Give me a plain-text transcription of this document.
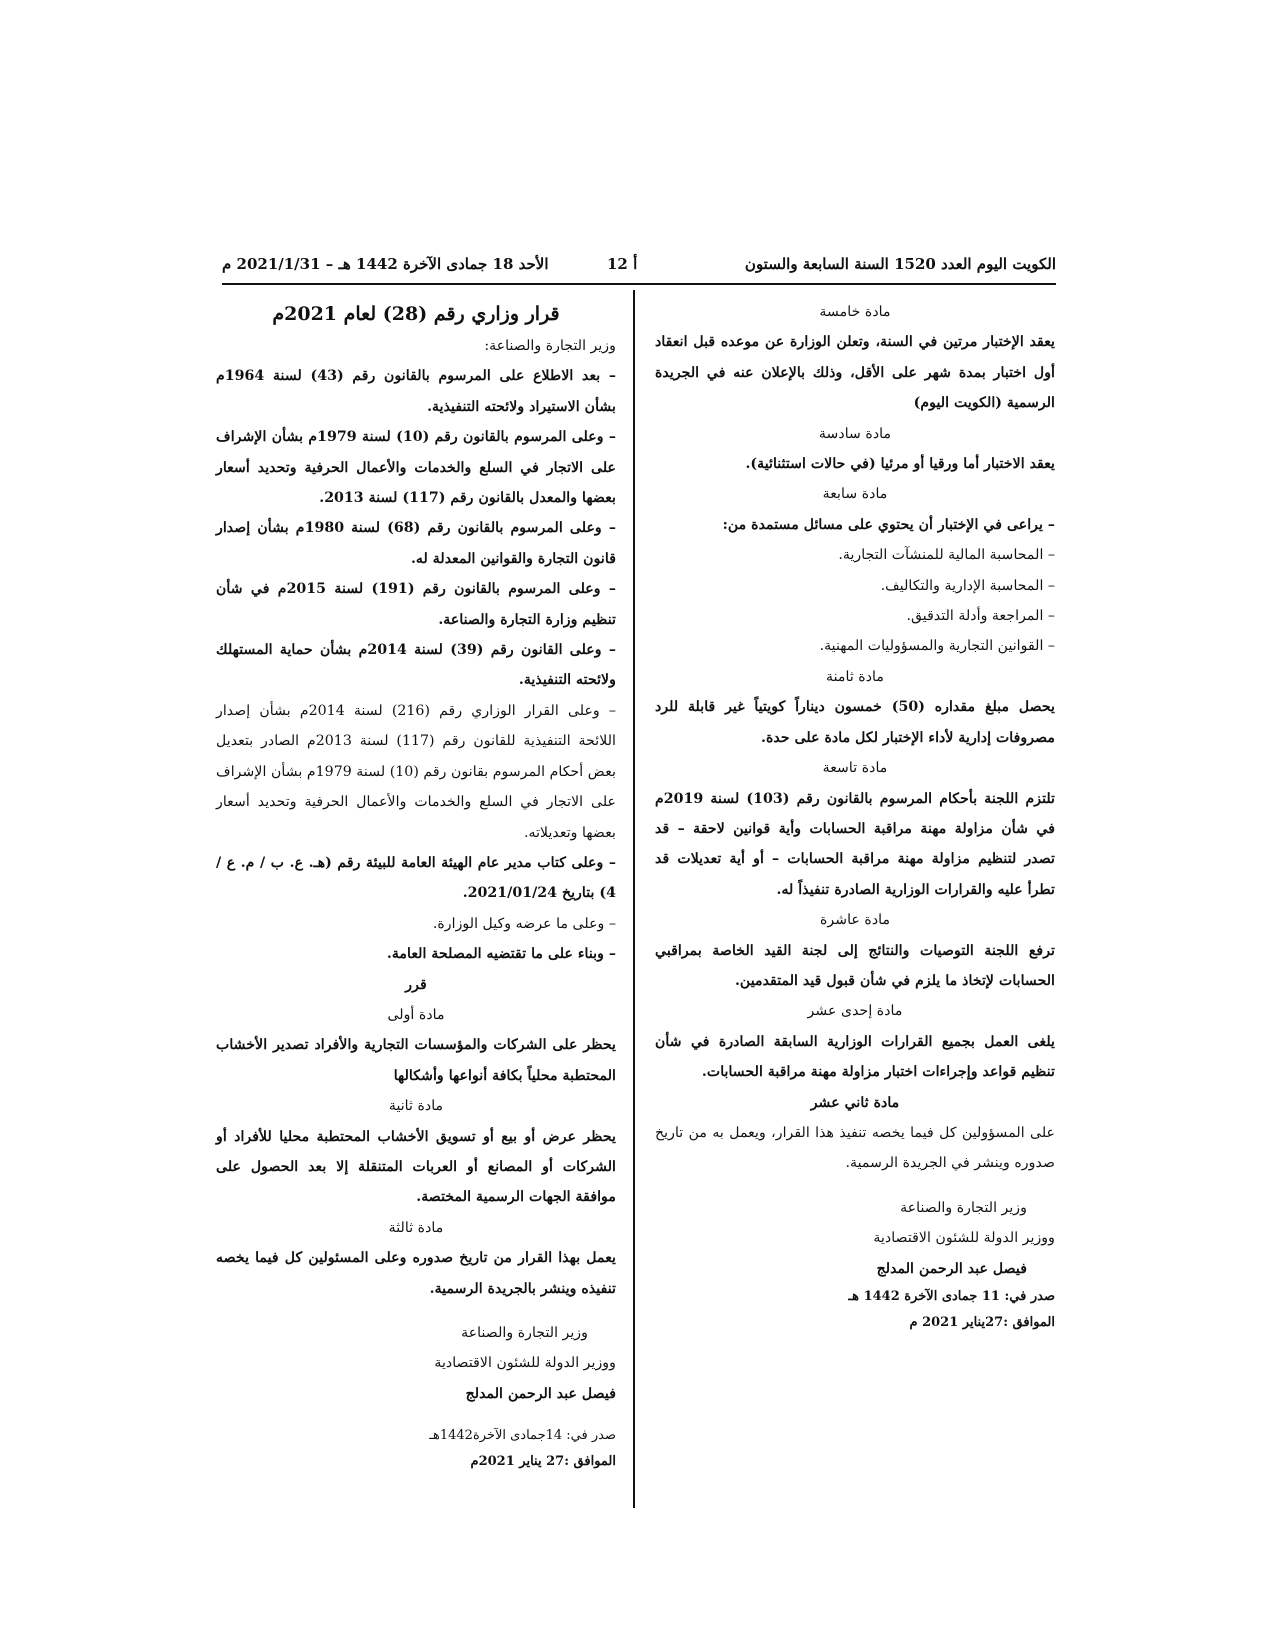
الكويت اليوم العدد 1520 السنة السابعة والستون
أ 12
الأحد 18 جمادى الآخرة 1442 هـ – 2021/1/31 م

مادة خامسة

يعقد الإختبار مرتين في السنة، وتعلن الوزارة عن موعده قبل انعقاد أول اختبار بمدة شهر على الأقل، وذلك بالإعلان عنه في الجريدة الرسمية (الكويت اليوم)

مادة سادسة

يعقد الاختبار أما ورقيا أو مرئيا (في حالات استثنائية).

مادة سابعة

– يراعى في الإختبار أن يحتوي على مسائل مستمدة من:

– المحاسبة المالية للمنشآت التجارية.

– المحاسبة الإدارية والتكاليف.

– المراجعة وأدلة التدقيق.

– القوانين التجارية والمسؤوليات المهنية.

مادة ثامنة

يحصل مبلغ مقداره (50) خمسون ديناراً كويتياً غير قابلة للرد مصروفات إدارية لأداء الإختبار لكل مادة على حدة.

مادة تاسعة

تلتزم اللجنة بأحكام المرسوم بالقانون رقم (103) لسنة 2019م في شأن مزاولة مهنة مراقبة الحسابات وأية قوانين لاحقة – قد تصدر لتنظيم مزاولة مهنة مراقبة الحسابات – أو أية تعديلات قد تطرأ عليه والقرارات الوزارية الصادرة تنفيذاً له.

مادة عاشرة

ترفع اللجنة التوصيات والنتائج إلى لجنة القيد الخاصة بمراقبي الحسابات لإتخاذ ما يلزم في شأن قبول قيد المتقدمين.

مادة إحدى عشر

يلغى العمل بجميع القرارات الوزارية السابقة الصادرة في شأن تنظيم قواعد وإجراءات اختبار مزاولة مهنة مراقبة الحسابات.

مادة ثاني عشر

على المسؤولين كل فيما يخصه تنفيذ هذا القرار، ويعمل به من تاريخ صدوره وينشر في الجريدة الرسمية.

وزير التجارة والصناعة

ووزير الدولة للشئون الاقتصادية

فيصل عبد الرحمن المدلج

صدر في: 11 جمادى الآخرة 1442 هـ

الموافق :27يناير 2021 م

قرار وزاري رقم (28) لعام 2021م

وزير التجارة والصناعة:

– بعد الاطلاع على المرسوم بالقانون رقم (43) لسنة 1964م بشأن الاستيراد ولائحته التنفيذية.

– وعلى المرسوم بالقانون رقم (10) لسنة 1979م بشأن الإشراف على الاتجار في السلع والخدمات والأعمال الحرفية وتحديد أسعار بعضها والمعدل بالقانون رقم (117) لسنة 2013.

– وعلى المرسوم بالقانون رقم (68) لسنة 1980م بشأن إصدار قانون التجارة والقوانين المعدلة له.

– وعلى المرسوم بالقانون رقم (191) لسنة 2015م في شأن تنظيم وزارة التجارة والصناعة.

– وعلى القانون رقم (39) لسنة 2014م بشأن حماية المستهلك ولائحته التنفيذية.

– وعلى القرار الوزاري رقم (216) لسنة 2014م بشأن إصدار اللائحة التنفيذية للقانون رقم (117) لسنة 2013م الصادر بتعديل بعض أحكام المرسوم بقانون رقم (10) لسنة 1979م بشأن الإشراف على الاتجار في السلع والخدمات والأعمال الحرفية وتحديد أسعار بعضها وتعديلاته.

– وعلى كتاب مدير عام الهيئة العامة للبيئة رقم (هـ. ع. ب / م. ع / 4) بتاريخ 2021/01/24.

– وعلى ما عرضه وكيل الوزارة.

– وبناء على ما تقتضيه المصلحة العامة.

قرر

مادة أولى

يحظر على الشركات والمؤسسات التجارية والأفراد تصدير الأخشاب المحتطبة محلياً بكافة أنواعها وأشكالها

مادة ثانية

يحظر عرض أو بيع أو تسويق الأخشاب المحتطبة محليا للأفراد أو الشركات أو المصانع أو العربات المتنقلة إلا بعد الحصول على موافقة الجهات الرسمية المختصة.

مادة ثالثة

يعمل بهذا القرار من تاريخ صدوره وعلى المسئولين كل فيما يخصه تنفيذه وينشر بالجريدة الرسمية.

وزير التجارة والصناعة

ووزير الدولة للشئون الاقتصادية

فيصل عبد الرحمن المدلج

صدر في: 14جمادى الآخرة1442هـ

الموافق :27 يناير 2021م
